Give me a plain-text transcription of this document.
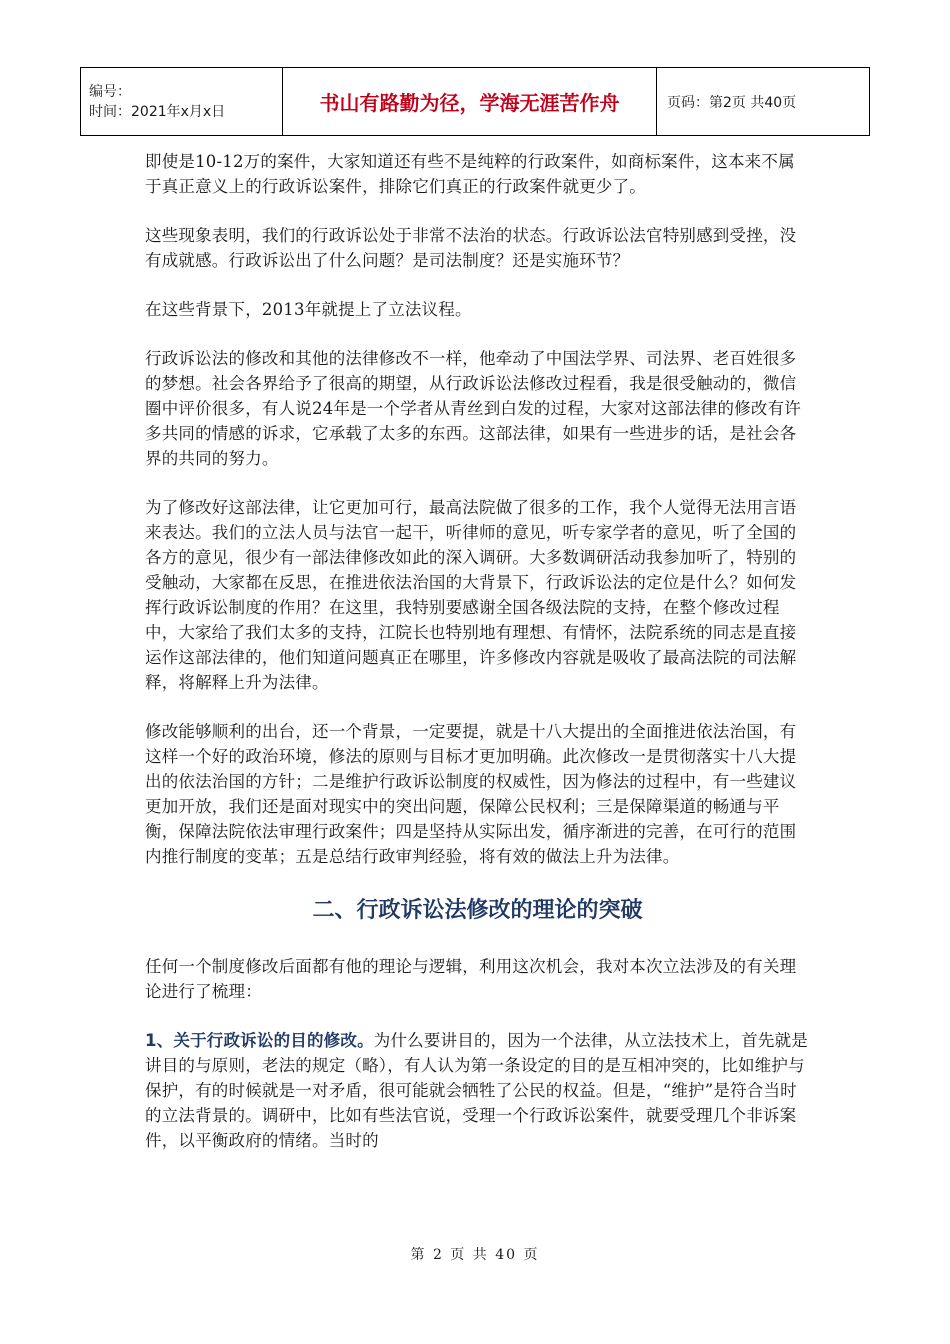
编号：
时间：2021年x月x日	书山有路勤为径，学海无涯苦作舟	页码：第2页 共40页

即使是10-12万的案件，大家知道还有些不是纯粹的行政案件，如商标案件，这本来不属于真正意义上的行政诉讼案件，排除它们真正的行政案件就更少了。

这些现象表明，我们的行政诉讼处于非常不法治的状态。行政诉讼法官特别感到受挫，没有成就感。行政诉讼出了什么问题？是司法制度？还是实施环节？

在这些背景下，2013年就提上了立法议程。

行政诉讼法的修改和其他的法律修改不一样，他牵动了中国法学界、司法界、老百姓很多的梦想。社会各界给予了很高的期望，从行政诉讼法修改过程看，我是很受触动的，微信圈中评价很多，有人说24年是一个学者从青丝到白发的过程，大家对这部法律的修改有许多共同的情感的诉求，它承载了太多的东西。这部法律，如果有一些进步的话，是社会各界的共同的努力。

为了修改好这部法律，让它更加可行，最高法院做了很多的工作，我个人觉得无法用言语来表达。我们的立法人员与法官一起干，听律师的意见，听专家学者的意见，听了全国的各方的意见，很少有一部法律修改如此的深入调研。大多数调研活动我参加听了，特别的受触动，大家都在反思，在推进依法治国的大背景下，行政诉讼法的定位是什么？如何发挥行政诉讼制度的作用？在这里，我特别要感谢全国各级法院的支持，在整个修改过程中，大家给了我们太多的支持，江院长也特别地有理想、有情怀，法院系统的同志是直接运作这部法律的，他们知道问题真正在哪里，许多修改内容就是吸收了最高法院的司法解释，将解释上升为法律。

修改能够顺利的出台，还一个背景，一定要提，就是十八大提出的全面推进依法治国，有这样一个好的政治环境，修法的原则与目标才更加明确。此次修改一是贯彻落实十八大提出的依法治国的方针；二是维护行政诉讼制度的权威性，因为修法的过程中，有一些建议更加开放，我们还是面对现实中的突出问题，保障公民权利；三是保障渠道的畅通与平衡，保障法院依法审理行政案件；四是坚持从实际出发，循序渐进的完善，在可行的范围内推行制度的变革；五是总结行政审判经验，将有效的做法上升为法律。

二、行政诉讼法修改的理论的突破

任何一个制度修改后面都有他的理论与逻辑，利用这次机会，我对本次立法涉及的有关理论进行了梳理：

1、关于行政诉讼的目的修改。为什么要讲目的，因为一个法律，从立法技术上，首先就是讲目的与原则，老法的规定（略），有人认为第一条设定的目的是互相冲突的，比如维护与保护，有的时候就是一对矛盾，很可能就会牺牲了公民的权益。但是，“维护”是符合当时的立法背景的。调研中，比如有些法官说，受理一个行政诉讼案件，就要受理几个非诉案件，以平衡政府的情绪。当时的

第 2 页 共 40 页
